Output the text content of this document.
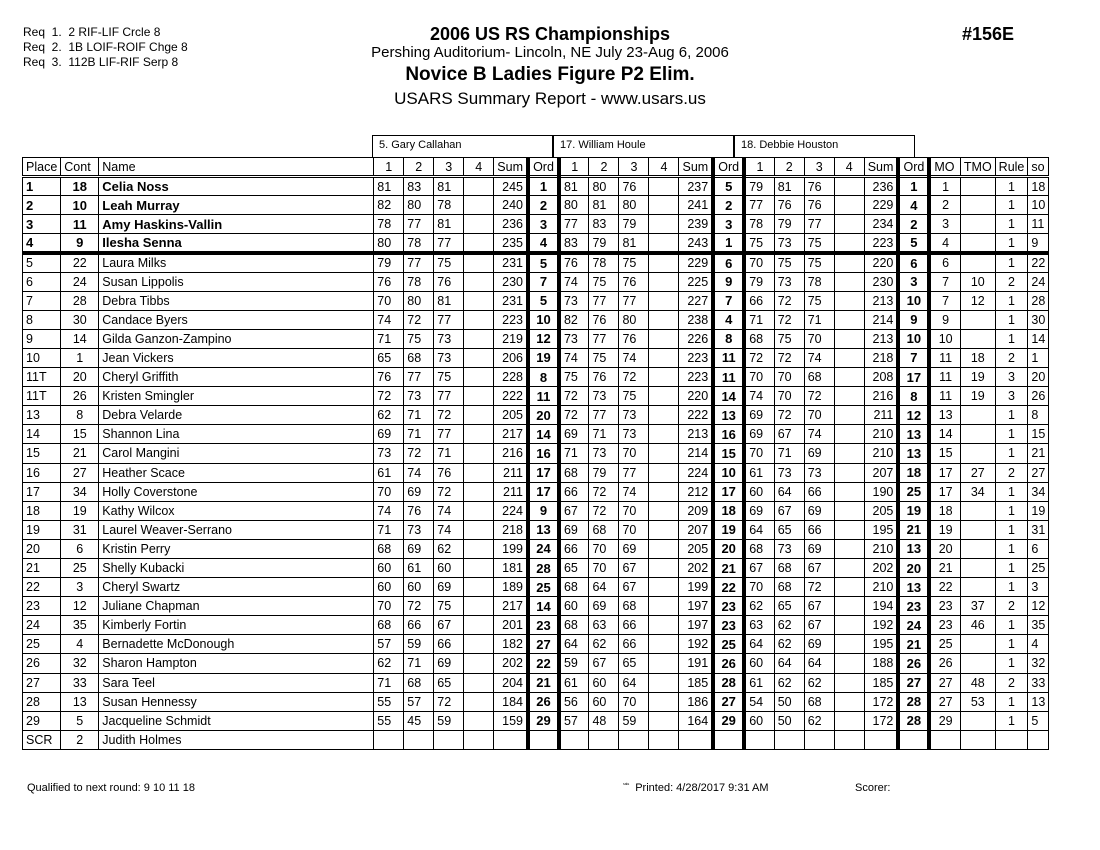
Req  1.  2 RIF-LIF Crcle 8
Req  2.  1B LOIF-ROIF Chge 8
Req  3.  112B LIF-RIF Serp 8
2006 US RS Championships
Pershing Auditorium- Lincoln, NE July 23-Aug 6, 2006
Novice B Ladies Figure P2 Elim.
USARS Summary Report - www.usars.us
#156E
5. Gary Callahan	17. William Houle	18. Debbie Houston
Place	Cont	Name	1	2	3	4	Sum	Ord	1	2	3	4	Sum	Ord	1	2	3	4	Sum	Ord	MO	TMO	Rule	so
1	18	Celia Noss	81	83	81		245	1	81	80	76		237	5	79	81	76		236	1	1		1	18
2	10	Leah Murray	82	80	78		240	2	80	81	80		241	2	77	76	76		229	4	2		1	10
3	11	Amy Haskins-Vallin	78	77	81		236	3	77	83	79		239	3	78	79	77		234	2	3		1	11
4	9	Ilesha Senna	80	78	77		235	4	83	79	81		243	1	75	73	75		223	5	4		1	9
5	22	Laura Milks	79	77	75		231	5	76	78	75		229	6	70	75	75		220	6	6		1	22
6	24	Susan Lippolis	76	78	76		230	7	74	75	76		225	9	79	73	78		230	3	7	10	2	24
7	28	Debra Tibbs	70	80	81		231	5	73	77	77		227	7	66	72	75		213	10	7	12	1	28
8	30	Candace Byers	74	72	77		223	10	82	76	80		238	4	71	72	71		214	9	9		1	30
9	14	Gilda Ganzon-Zampino	71	75	73		219	12	73	77	76		226	8	68	75	70		213	10	10		1	14
10	1	Jean Vickers	65	68	73		206	19	74	75	74		223	11	72	72	74		218	7	11	18	2	1
11T	20	Cheryl Griffith	76	77	75		228	8	75	76	72		223	11	70	70	68		208	17	11	19	3	20
11T	26	Kristen Smingler	72	73	77		222	11	72	73	75		220	14	74	70	72		216	8	11	19	3	26
13	8	Debra Velarde	62	71	72		205	20	72	77	73		222	13	69	72	70		211	12	13		1	8
14	15	Shannon Lina	69	71	77		217	14	69	71	73		213	16	69	67	74		210	13	14		1	15
15	21	Carol Mangini	73	72	71		216	16	71	73	70		214	15	70	71	69		210	13	15		1	21
16	27	Heather Scace	61	74	76		211	17	68	79	77		224	10	61	73	73		207	18	17	27	2	27
17	34	Holly Coverstone	70	69	72		211	17	66	72	74		212	17	60	64	66		190	25	17	34	1	34
18	19	Kathy Wilcox	74	76	74		224	9	67	72	70		209	18	69	67	69		205	19	18		1	19
19	31	Laurel Weaver-Serrano	71	73	74		218	13	69	68	70		207	19	64	65	66		195	21	19		1	31
20	6	Kristin Perry	68	69	62		199	24	66	70	69		205	20	68	73	69		210	13	20		1	6
21	25	Shelly Kubacki	60	61	60		181	28	65	70	67		202	21	67	68	67		202	20	21		1	25
22	3	Cheryl Swartz	60	60	69		189	25	68	64	67		199	22	70	68	72		210	13	22		1	3
23	12	Juliane Chapman	70	72	75		217	14	60	69	68		197	23	62	65	67		194	23	23	37	2	12
24	35	Kimberly Fortin	68	66	67		201	23	68	63	66		197	23	63	62	67		192	24	23	46	1	35
25	4	Bernadette McDonough	57	59	66		182	27	64	62	66		192	25	64	62	69		195	21	25		1	4
26	32	Sharon Hampton	62	71	69		202	22	59	67	65		191	26	60	64	64		188	26	26		1	32
27	33	Sara Teel	71	68	65		204	21	61	60	64		185	28	61	62	62		185	27	27	48	2	33
28	13	Susan Hennessy	55	57	72		184	26	56	60	70		186	27	54	50	68		172	28	27	53	1	13
29	5	Jacqueline Schmidt	55	45	59		159	29	57	48	59		164	29	60	50	62		172	28	29		1	5
SCR	2	Judith Holmes																						
Qualified to next round: 9 10 11 18	$^{ˢᵃˡᵉ}$ Printed: 4/28/2017 9:31 AM	Scorer:
